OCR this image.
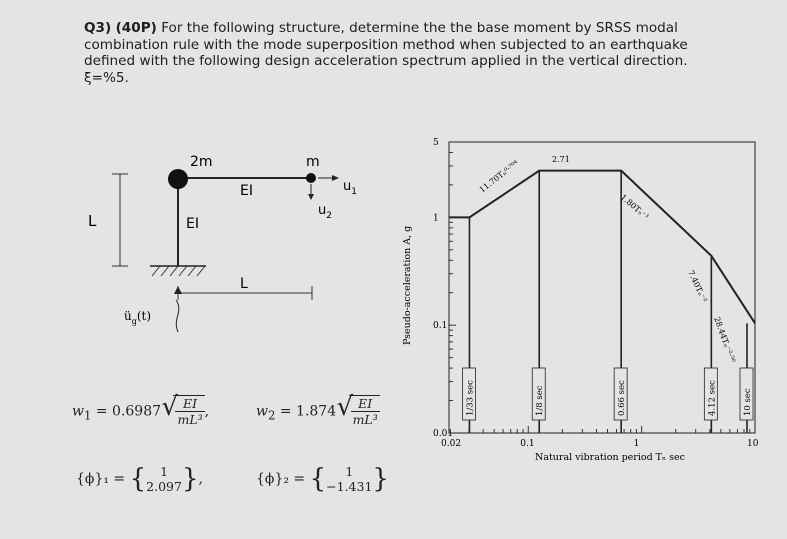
Q3) (40P) For the following structure, determine the the base moment by SRSS modal combination rule with the mode superposition method when subjected to an earthquake defined with the following design acceleration spectrum applied in the vertical direction. ξ=%5.
2m	m
EI
EI
L
L
$u_1$
$u_2$
$ü_g(t)$
$w_1 = 0.6987$ √ $\frac{EI}{\text{mL³}}$ ,	$w_2 = 1.874$ √ $\frac{EI}{\text{mL³}}$
{ϕ}₁ = {	1
2.097 },	{ϕ}₂ = {	1
−1.431 }
0.02	0.1	1	10
5
1
0.1
0.01
1/33 sec	1/8 sec	0.66 sec	4.12 sec	10 sec
11.70Tₙ⁰·⁷⁰⁴	2.71
1.80Tₙ⁻¹
7.40Tₙ⁻²
28.44Tₙ⁻²·⁵⁶
Pseudo-acceleration A, g
Natural vibration period Tₙ sec
